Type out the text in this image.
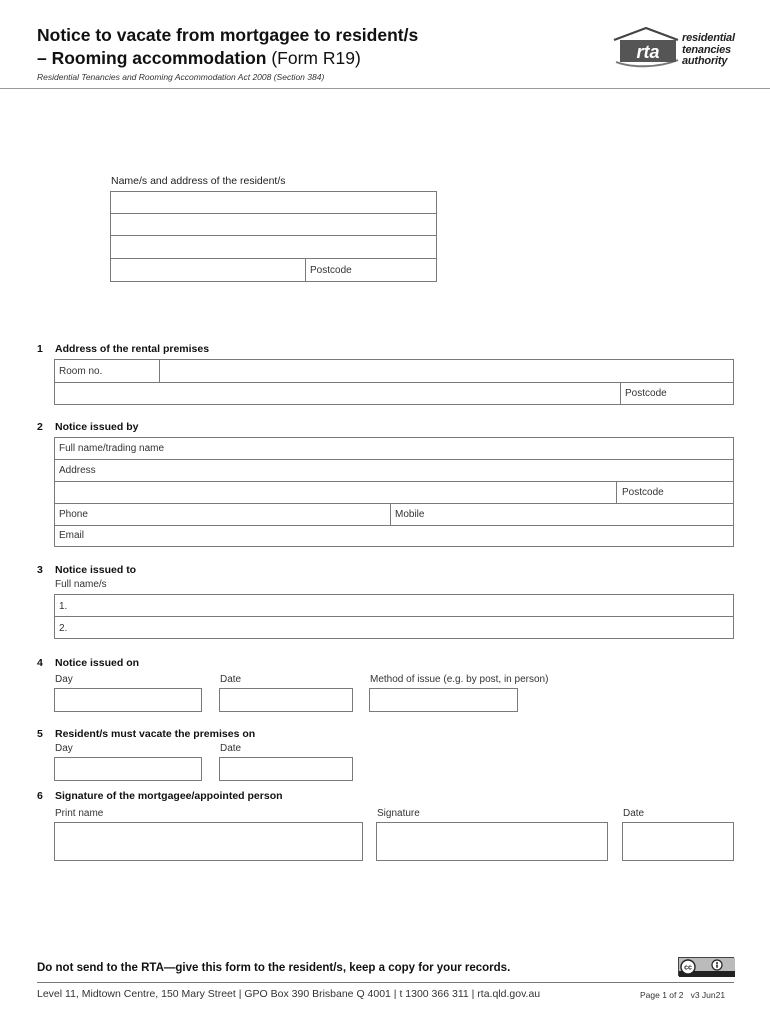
Notice to vacate from mortgagee to resident/s
– Rooming accommodation (Form R19)
Residential Tenancies and Rooming Accommodation Act 2008 (Section 384)
rta
residential
tenancies
authority
Name/s and address of the resident/s
Postcode
1 Address of the rental premises
Room no.
Postcode
2 Notice issued by
Full name/trading name
Address
Postcode
Phone	Mobile
Email
3 Notice issued to
Full name/s
1.
2.
4 Notice issued on
Day	Date	Method of issue (e.g. by post, in person)
5 Resident/s must vacate the premises on
Day	Date
6 Signature of the mortgagee/appointed person
Print name	Signature	Date
Do not send to the RTA—give this form to the resident/s, keep a copy for your records.	cc
Level 11, Midtown Centre, 150 Mary Street | GPO Box 390 Brisbane Q 4001 | t 1300 366 311 | rta.qld.gov.au	Page 1 of 2 v3 Jun21
